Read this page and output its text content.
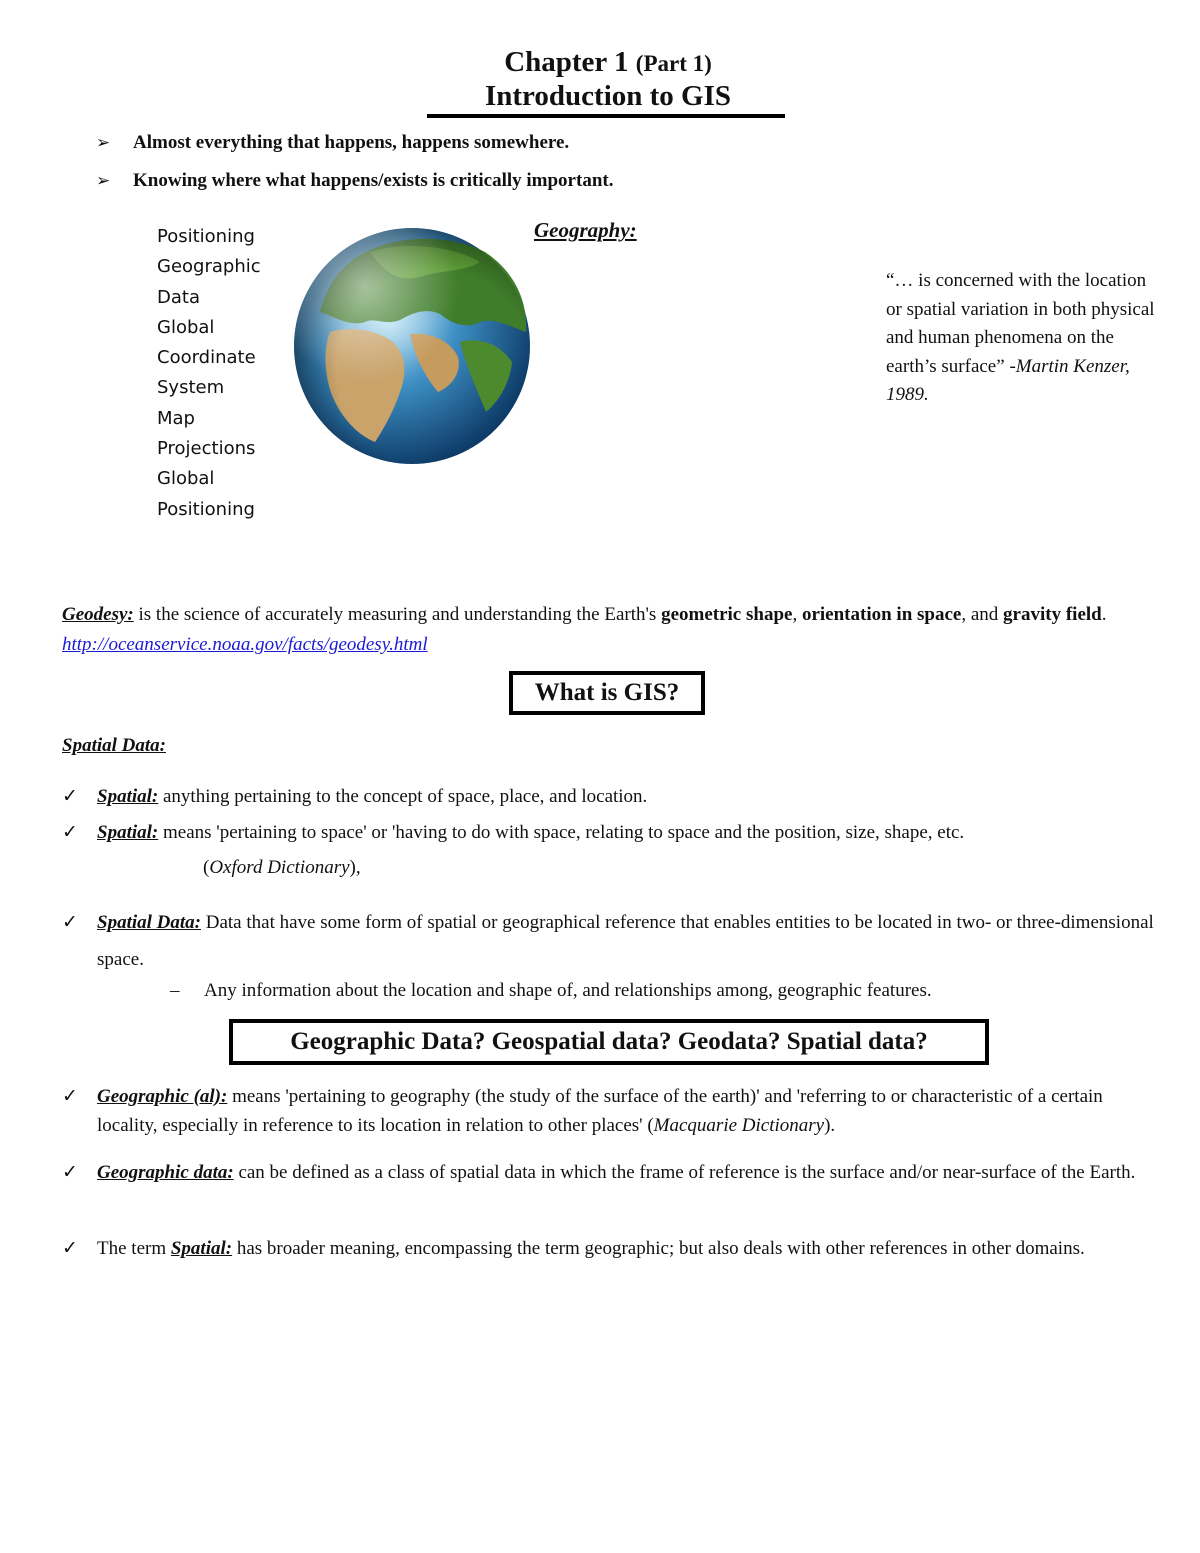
Chapter 1 (Part 1)
Introduction to GIS
➢ Almost everything that happens, happens somewhere.
➢ Knowing where what happens/exists is critically important.
Positioning
Geographic
Data
Global
Coordinate
System
Map
Projections
Global
Positioning
Geography:
“… is concerned with the location or spatial variation in both physical and human phenomena on the earth’s surface” -Martin Kenzer, 1989.
Geodesy: is the science of accurately measuring and understanding the Earth's geometric shape, orientation in space, and gravity field. http://oceanservice.noaa.gov/facts/geodesy.html
What is GIS?
Spatial Data:
✓ Spatial: anything pertaining to the concept of space, place, and location.
✓ Spatial: means 'pertaining to space' or 'having to do with space, relating to space and the position, size, shape, etc.
(Oxford Dictionary),
✓ Spatial Data: Data that have some form of spatial or geographical reference that enables entities to be located in two- or three-dimensional space.
– Any information about the location and shape of, and relationships among, geographic features.
Geographic Data? Geospatial data? Geodata? Spatial data?
✓ Geographic (al): means 'pertaining to geography (the study of the surface of the earth)' and 'referring to or characteristic of a certain locality, especially in reference to its location in relation to other places' (Macquarie Dictionary).
✓ Geographic data: can be defined as a class of spatial data in which the frame of reference is the surface and/or near-surface of the Earth.
✓ The term Spatial: has broader meaning, encompassing the term geographic; but also deals with other references in other domains.
